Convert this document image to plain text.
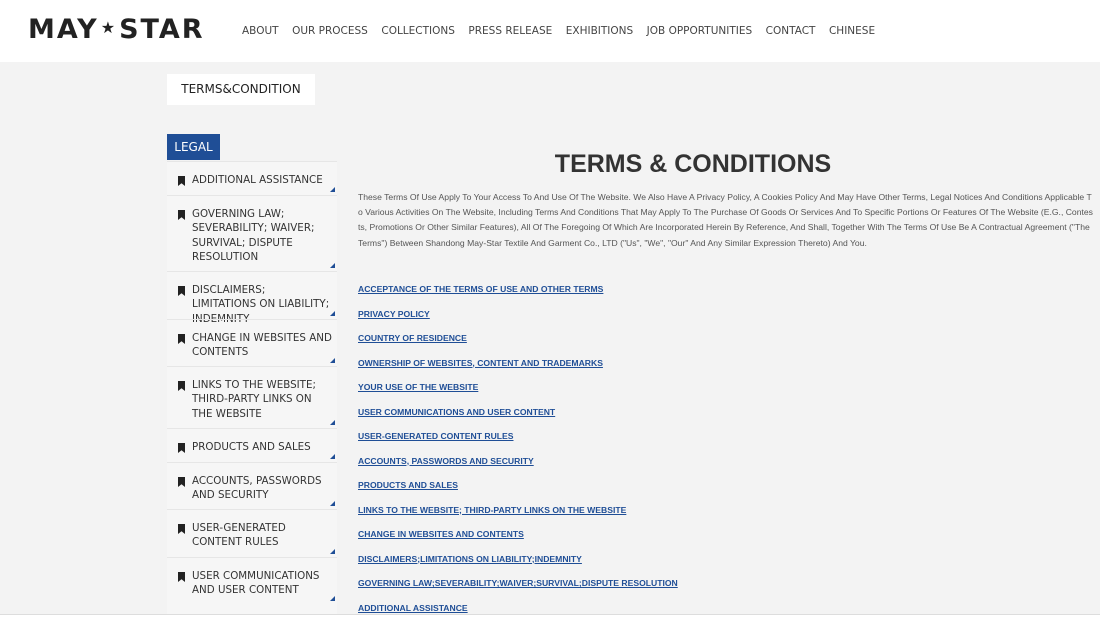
MAY ★STAR	ABOUT OUR PROCESS COLLECTIONS PRESS RELEASE EXHIBITIONS JOB OPPORTUNITIES CONTACT CHINESE
TERMS&CONDITION
LEGAL
ADDITIONAL ASSISTANCE
GOVERNING LAW; SEVERABILITY; WAIVER; SURVIVAL; DISPUTE RESOLUTION
DISCLAIMERS; LIMITATIONS ON LIABILITY; INDEMNITY
CHANGE IN WEBSITES AND CONTENTS
LINKS TO THE WEBSITE; THIRD-PARTY LINKS ON THE WEBSITE
PRODUCTS AND SALES
ACCOUNTS, PASSWORDS AND SECURITY
USER-GENERATED CONTENT RULES
USER COMMUNICATIONS AND USER CONTENT
TERMS & CONDITIONS

These Terms Of Use Apply To Your Access To And Use Of The Website. We Also Have A Privacy Policy, A Cookies Policy And May Have Other Terms, Legal Notices And Conditions Applicable To Various Activities On The Website, Including Terms And Conditions That May Apply To The Purchase Of Goods Or Services And To Specific Portions Or Features Of The Website (E.G., Contests, Promotions Or Other Similar Features), All Of The Foregoing Of Which Are Incorporated Herein By Reference, And Shall, Together With The Terms Of Use Be A Contractual Agreement ("The Terms") Between Shandong May-Star Textile And Garment Co., LTD ("Us", "We", "Our" And Any Similar Expression Thereto) And You.

ACCEPTANCE OF THE TERMS OF USE AND OTHER TERMS
PRIVACY POLICY
COUNTRY OF RESIDENCE
OWNERSHIP OF WEBSITES, CONTENT AND TRADEMARKS
YOUR USE OF THE WEBSITE
USER COMMUNICATIONS AND USER CONTENT
USER-GENERATED CONTENT RULES
ACCOUNTS, PASSWORDS AND SECURITY
PRODUCTS AND SALES
LINKS TO THE WEBSITE; THIRD-PARTY LINKS ON THE WEBSITE
CHANGE IN WEBSITES AND CONTENTS
DISCLAIMERS;LIMITATIONS ON LIABILITY;INDEMNITY
GOVERNING LAW;SEVERABILITY;WAIVER;SURVIVAL;DISPUTE RESOLUTION
ADDITIONAL ASSISTANCE
